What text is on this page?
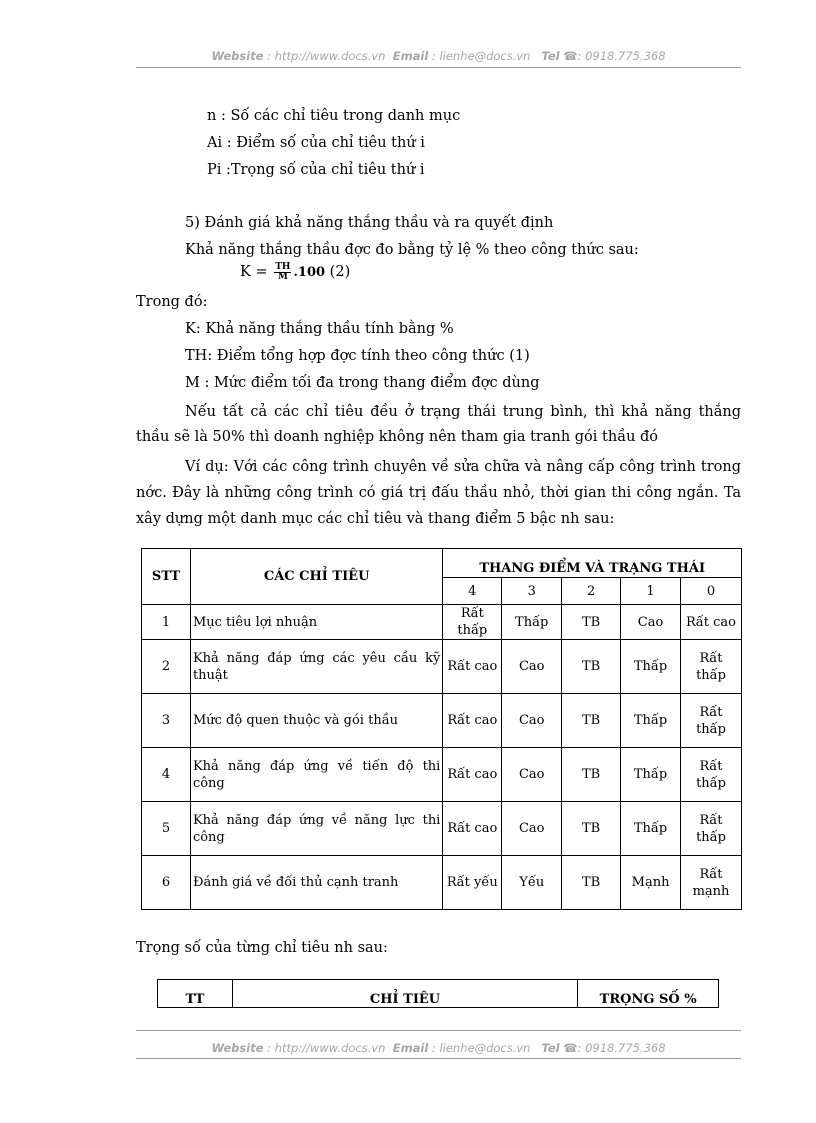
Website : http://www.docs.vn Email : lienhe@docs.vn Tel ☎: 0918.775.368
n : Số các chỉ tiêu trong danh mục
Ai : Điểm số của chỉ tiêu thứ i
Pi :Trọng số của chỉ tiêu thứ i
5) Đánh giá khả năng thắng thầu và ra quyết định
Khả năng thắng thầu đợc đo bằng tỷ lệ % theo công thức sau:
$K = \frac{TH}{M} .100$ (2)
Trong đó:
K: Khả năng thắng thầu tính bằng %
TH: Điểm tổng hợp đợc tính theo công thức (1)
M : Mức điểm tối đa trong thang điểm đợc dùng
Nếu tất cả các chỉ tiêu đều ở trạng thái trung bình, thì khả năng thắng thầu sẽ là 50% thì doanh nghiệp không nên tham gia tranh gói thầu đó
Ví dụ: Với các công trình chuyên về sửa chữa và nâng cấp công trình trong nớc. Đây là những công trình có giá trị đấu thầu nhỏ, thời gian thi công ngắn. Ta xây dựng một danh mục các chỉ tiêu và thang điểm 5 bậc nh sau:
STT	CÁC CHỈ TIÊU	THANG ĐIỂM VÀ TRẠNG THÁI				
		4	3	2	1	0
1	Mục tiêu lợi nhuận	Rất thấp	Thấp	TB	Cao	Rất cao
2	Khả năng đáp ứng các yêu cầu kỹ thuật	Rất cao	Cao	TB	Thấp	Rất thấp
3	Mức độ quen thuộc và gói thầu	Rất cao	Cao	TB	Thấp	Rất thấp
4	Khả năng đáp ứng về tiến độ thi công	Rất cao	Cao	TB	Thấp	Rất thấp
5	Khả năng đáp ứng về năng lực thi công	Rất cao	Cao	TB	Thấp	Rất thấp
6	Đánh giá về đối thủ cạnh tranh	Rất yếu	Yếu	TB	Mạnh	Rất mạnh
Trọng số của từng chỉ tiêu nh sau:
TT	CHỈ TIÊU	TRỌNG SỐ %
Website : http://www.docs.vn Email : lienhe@docs.vn Tel ☎: 0918.775.368
